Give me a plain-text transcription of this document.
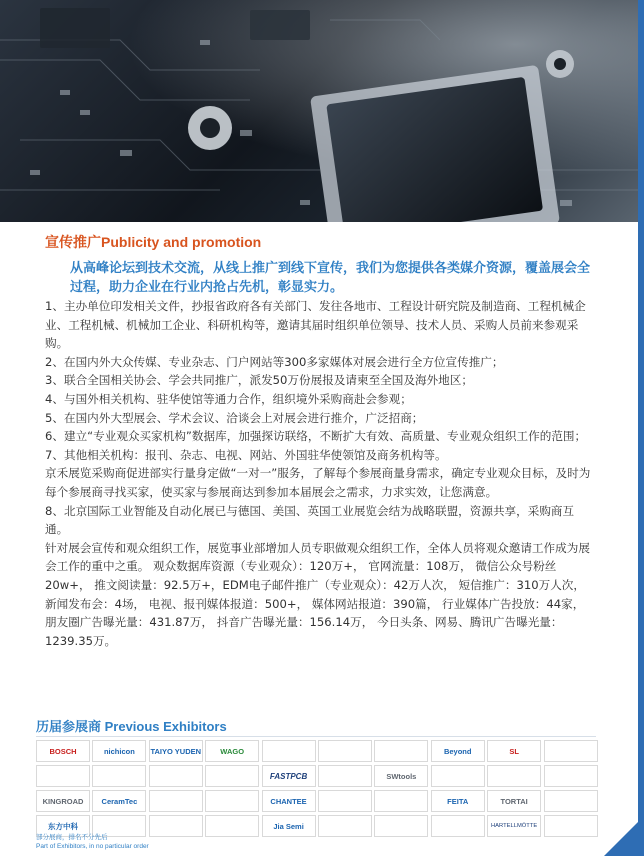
宣传推广Publicity and promotion
从高峰论坛到技术交流，从线上推广到线下宣传，我们为您提供各类媒介资源，覆盖展会全过程，助力企业在行业内抢占先机，彰显实力。

1、主办单位印发相关文件，抄报省政府各有关部门、发往各地市、工程设计研究院及制造商、工程机械企业、工程机械、机械加工企业、科研机构等，邀请其届时组织单位领导、技术人员、采购人员前来参观采购。

2、在国内外大众传媒、专业杂志、门户网站等300多家媒体对展会进行全方位宣传推广；

3、联合全国相关协会、学会共同推广，派发50万份展报及请柬至全国及海外地区；

4、与国外相关机构、驻华使馆等通力合作，组织境外采购商赴会参观；

5、在国内外大型展会、学术会议、洽谈会上对展会进行推介，广泛招商；

6、建立“专业观众买家机构”数据库，加强探访联络，不断扩大有效、高质量、专业观众组织工作的范围；

7、其他相关机构：报刊、杂志、电视、网站、外国驻华使领馆及商务机构等。

京禾展览采购商促进部实行量身定做“一对一”服务，了解每个参展商量身需求，确定专业观众目标，及时为每个参展商寻找买家，使买家与参展商达到参加本届展会之需求，力求实效，让您满意。

8、北京国际工业智能及自动化展已与德国、美国、英国工业展览会结为战略联盟，资源共享，采购商互通。

针对展会宣传和观众组织工作，展览事业部增加人员专职做观众组织工作，全体人员将观众邀请工作成为展会工作的重中之重。 观众数据库资源（专业观众）：120万+， 官网流量：108万， 微信公众号粉丝20w+， 推文阅读量：92.5万+，EDM电子邮件推广（专业观众）：42万人次， 短信推广：310万人次， 新闻发布会：4场， 电视、报刊媒体报道：500+， 媒体网站报道：390篇， 行业媒体广告投放：44家， 朋友圈广告曝光量：431.87万， 抖音广告曝光量：156.14万， 今日头条、网易、腾讯广告曝光量：1239.35万。

历届参展商 Previous Exhibitors
BOSCH	nichicon	TAIYO YUDEN	WAGO	Beyond	SL
FASTPCB	SWtools
KINGROAD	CeramTec	CHANTEE	FEITA	TORTAI
东方中科	Jia Semi	HARTELLMÖTTE
部分展商，排名不分先后
Part of Exhibitors, in no particular order
